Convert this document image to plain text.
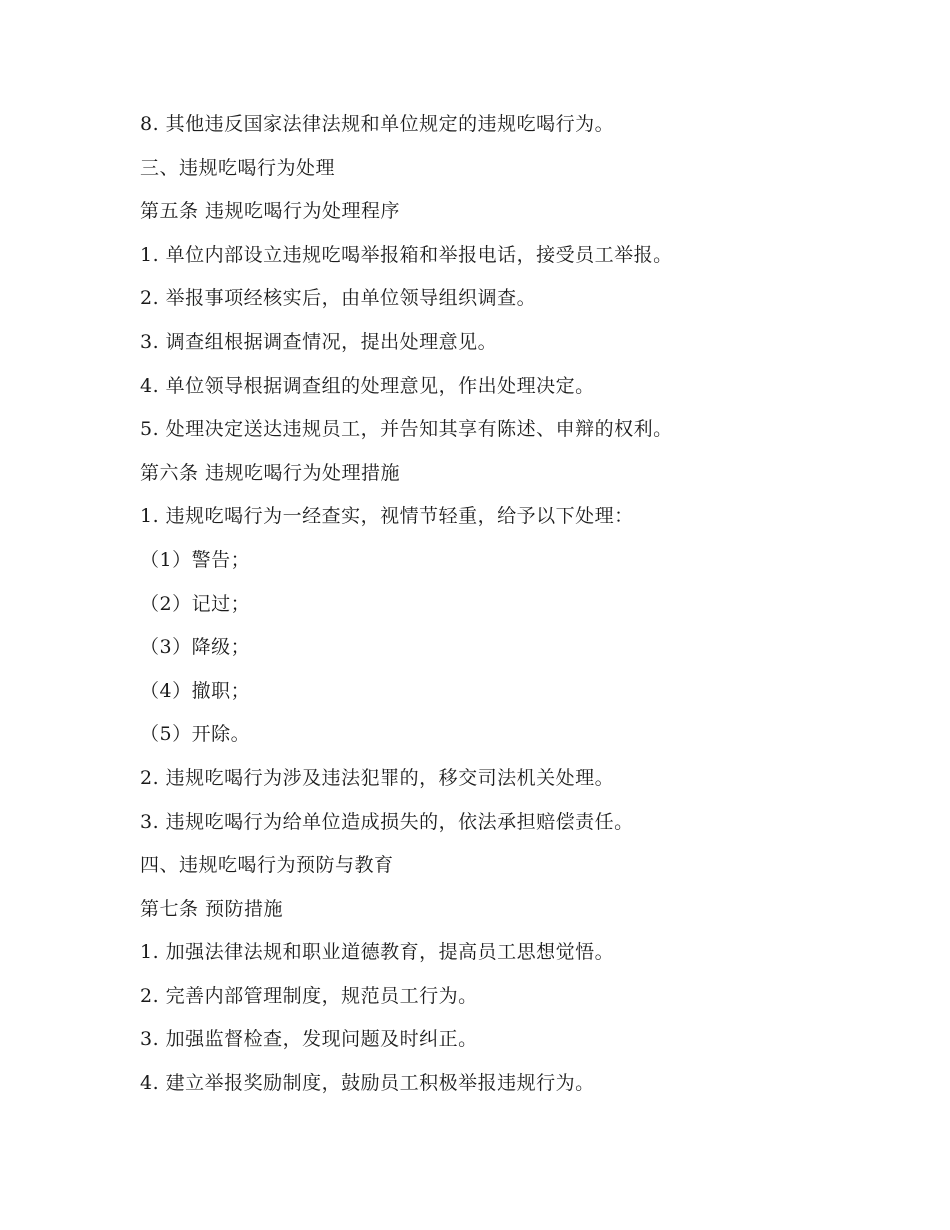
8. 其他违反国家法律法规和单位规定的违规吃喝行为。
三、违规吃喝行为处理
第五条 违规吃喝行为处理程序
1. 单位内部设立违规吃喝举报箱和举报电话，接受员工举报。
2. 举报事项经核实后，由单位领导组织调查。
3. 调查组根据调查情况，提出处理意见。
4. 单位领导根据调查组的处理意见，作出处理决定。
5. 处理决定送达违规员工，并告知其享有陈述、申辩的权利。
第六条 违规吃喝行为处理措施
1. 违规吃喝行为一经查实，视情节轻重，给予以下处理：
（1）警告；
（2）记过；
（3）降级；
（4）撤职；
（5）开除。
2. 违规吃喝行为涉及违法犯罪的，移交司法机关处理。
3. 违规吃喝行为给单位造成损失的，依法承担赔偿责任。
四、违规吃喝行为预防与教育
第七条 预防措施
1. 加强法律法规和职业道德教育，提高员工思想觉悟。
2. 完善内部管理制度，规范员工行为。
3. 加强监督检查，发现问题及时纠正。
4. 建立举报奖励制度，鼓励员工积极举报违规行为。
